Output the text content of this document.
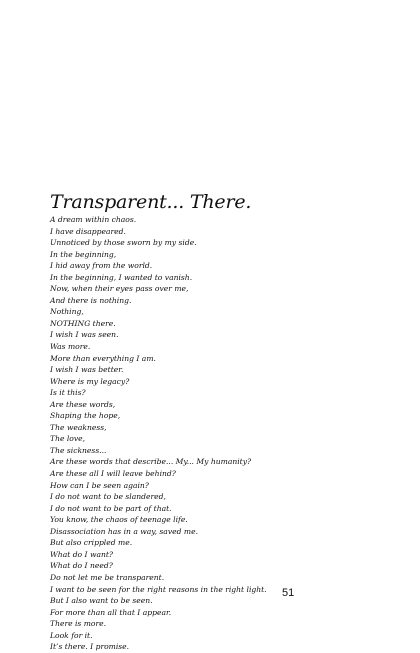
Transparent... There.
A dream within chaos.
I have disappeared.
Unnoticed by those sworn by my side.
In the beginning,
I hid away from the world.
In the beginning, I wanted to vanish.
Now, when their eyes pass over me,
And there is nothing.
Nothing,
NOTHING there.
I wish I was seen.
Was more.
More than everything I am.
I wish I was better.
Where is my legacy?
Is it this?
Are these words,
Shaping the hope,
The weakness,
The love,
The sickness...
Are these words that describe... My... My humanity?
Are these all I will leave behind?
How can I be seen again?
I do not want to be slandered,
I do not want to be part of that.
You know, the chaos of teenage life.
Disassociation has in a way, saved me.
But also crippled me.
What do I want?
What do I need?
Do not let me be transparent.
I want to be seen for the right reasons in the right light.
But I also want to be seen.
For more than all that I appear.
There is more.
Look for it.
It’s there. I promise.
51
